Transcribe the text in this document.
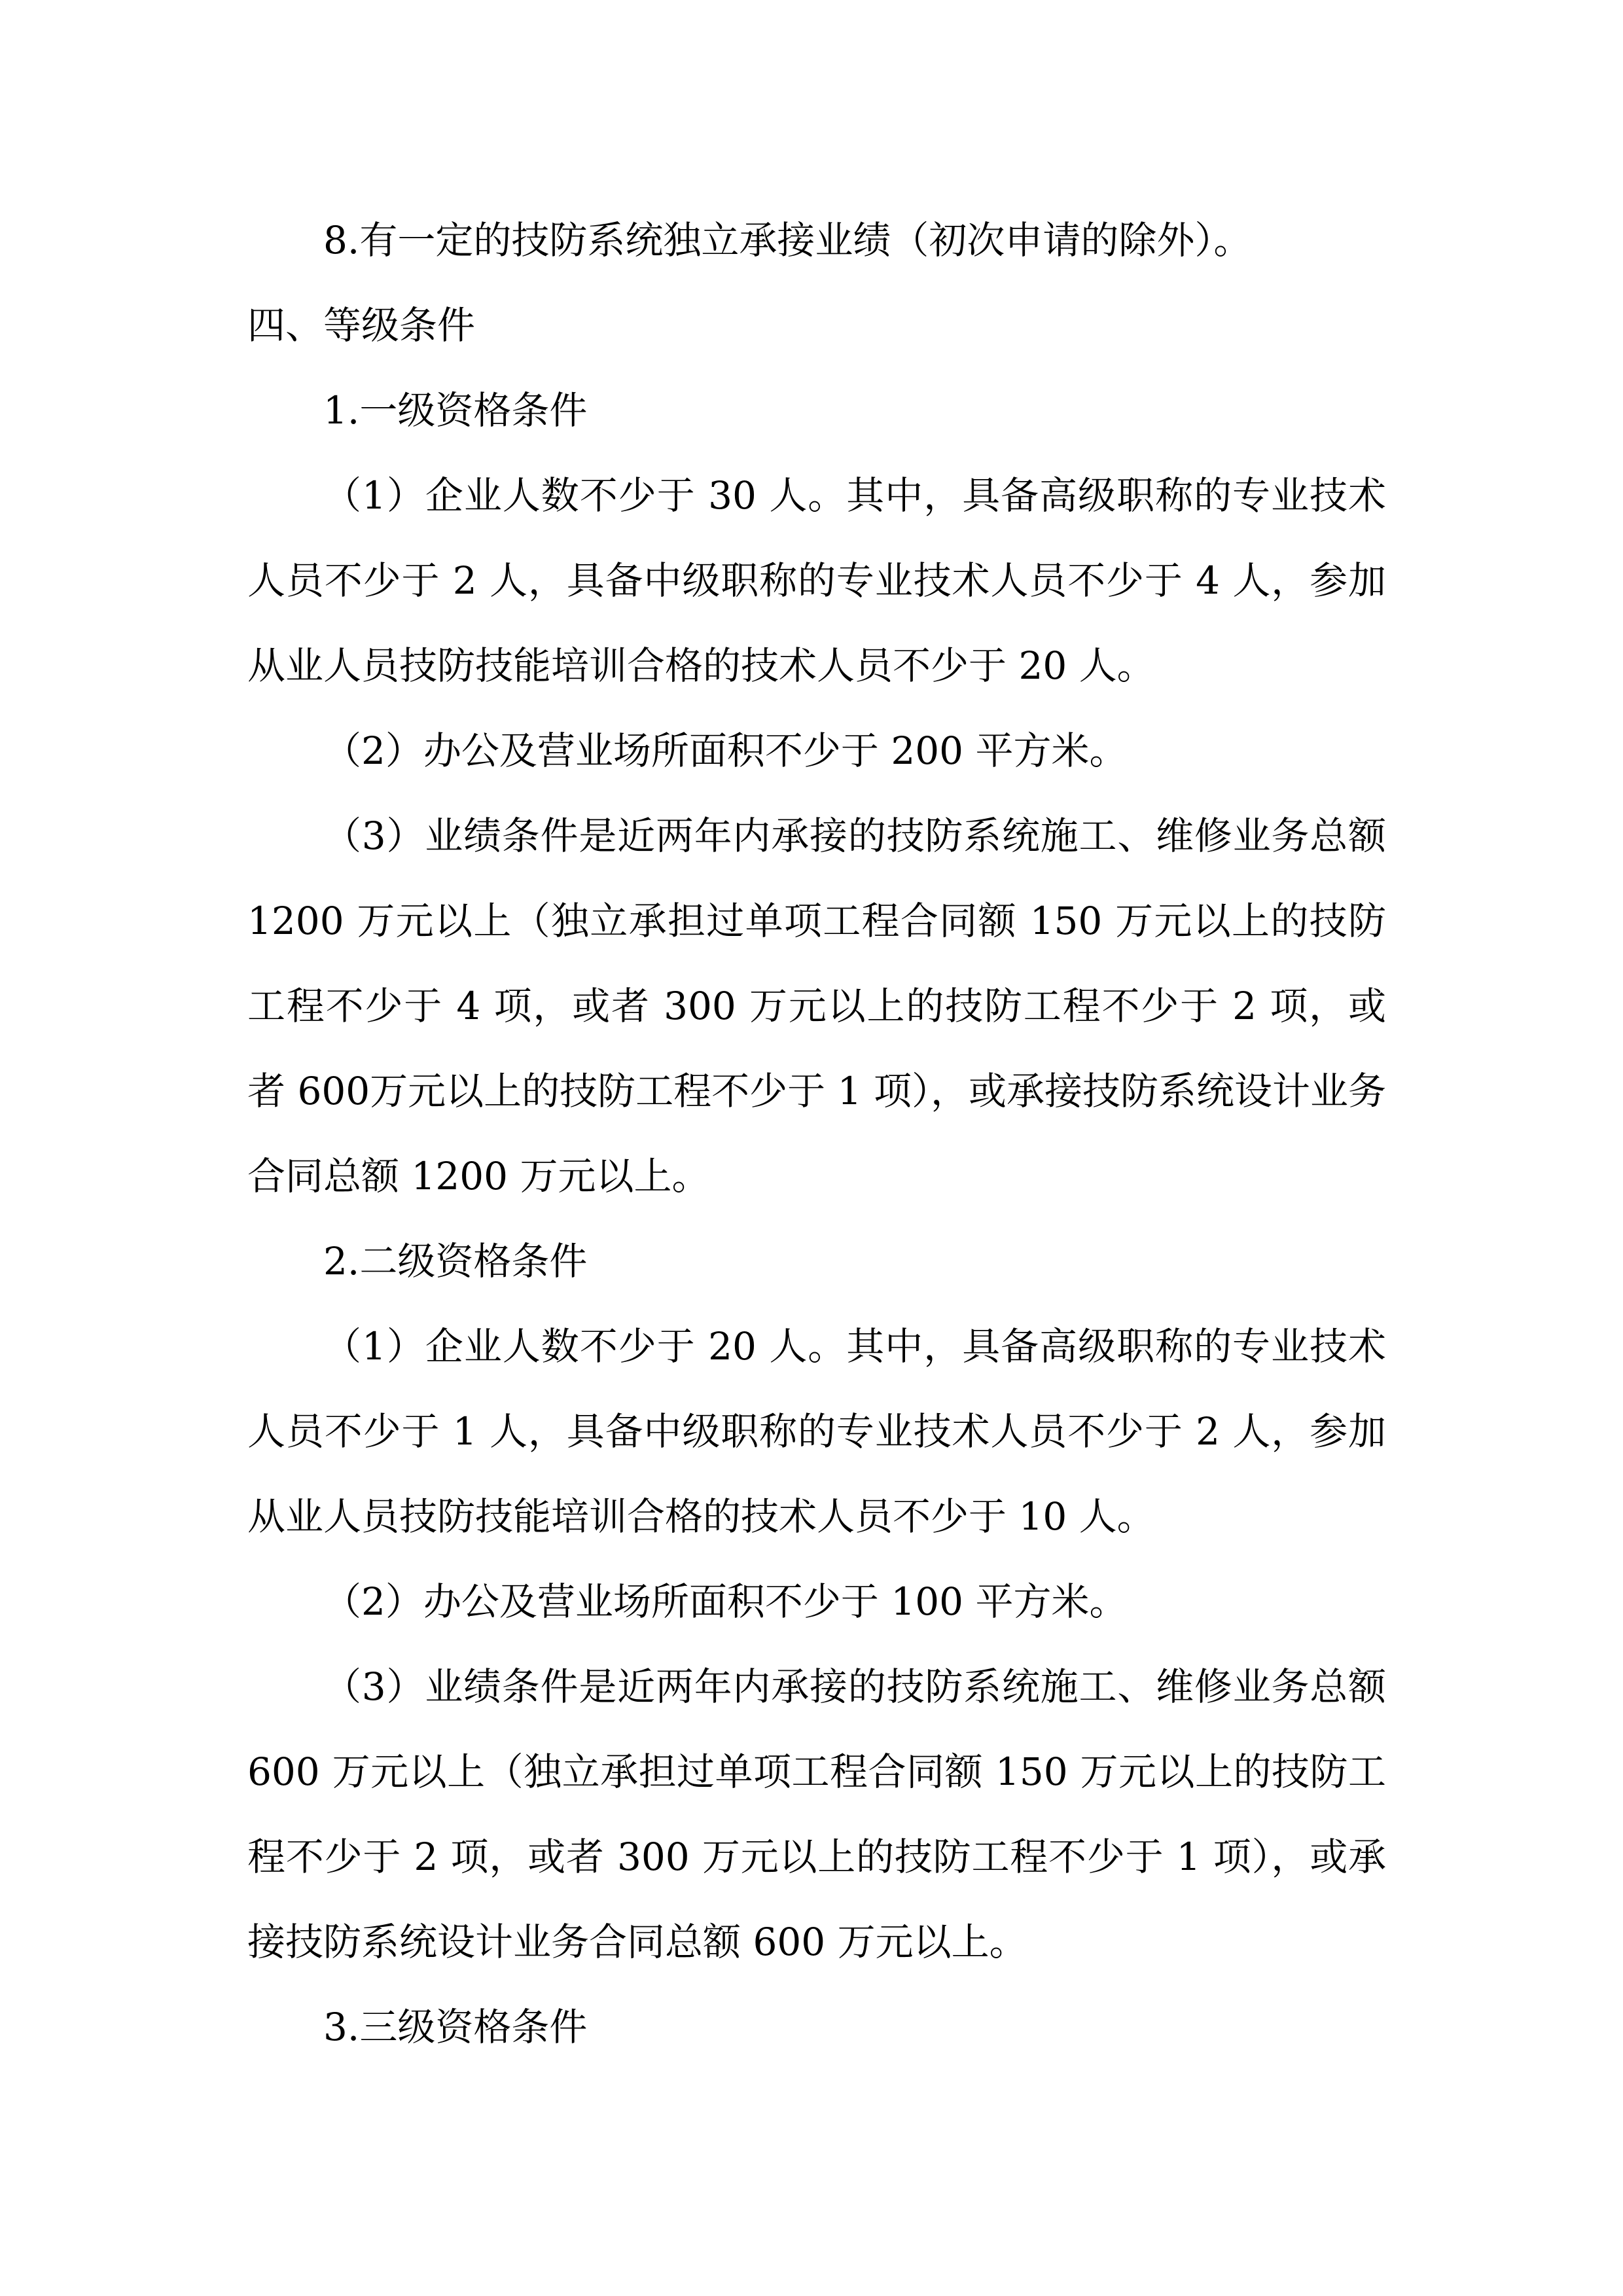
8.有一定的技防系统独立承接业绩（初次申请的除外）。

四、等级条件

1.一级资格条件

（1）企业人数不少于 30 人。其中，具备高级职称的专业技术人员不少于 2 人，具备中级职称的专业技术人员不少于 4 人，参加从业人员技防技能培训合格的技术人员不少于 20 人。

（2）办公及营业场所面积不少于 200 平方米。

（3）业绩条件是近两年内承接的技防系统施工、维修业务总额1200 万元以上（独立承担过单项工程合同额 150 万元以上的技防工程不少于 4 项，或者 300 万元以上的技防工程不少于 2 项，或者 600万元以上的技防工程不少于 1 项），或承接技防系统设计业务合同总额 1200 万元以上。

2.二级资格条件

（1）企业人数不少于 20 人。其中，具备高级职称的专业技术人员不少于 1 人，具备中级职称的专业技术人员不少于 2 人，参加从业人员技防技能培训合格的技术人员不少于 10 人。

（2）办公及营业场所面积不少于 100 平方米。

（3）业绩条件是近两年内承接的技防系统施工、维修业务总额600 万元以上（独立承担过单项工程合同额 150 万元以上的技防工程不少于 2 项，或者 300 万元以上的技防工程不少于 1 项），或承接技防系统设计业务合同总额 600 万元以上。

3.三级资格条件
